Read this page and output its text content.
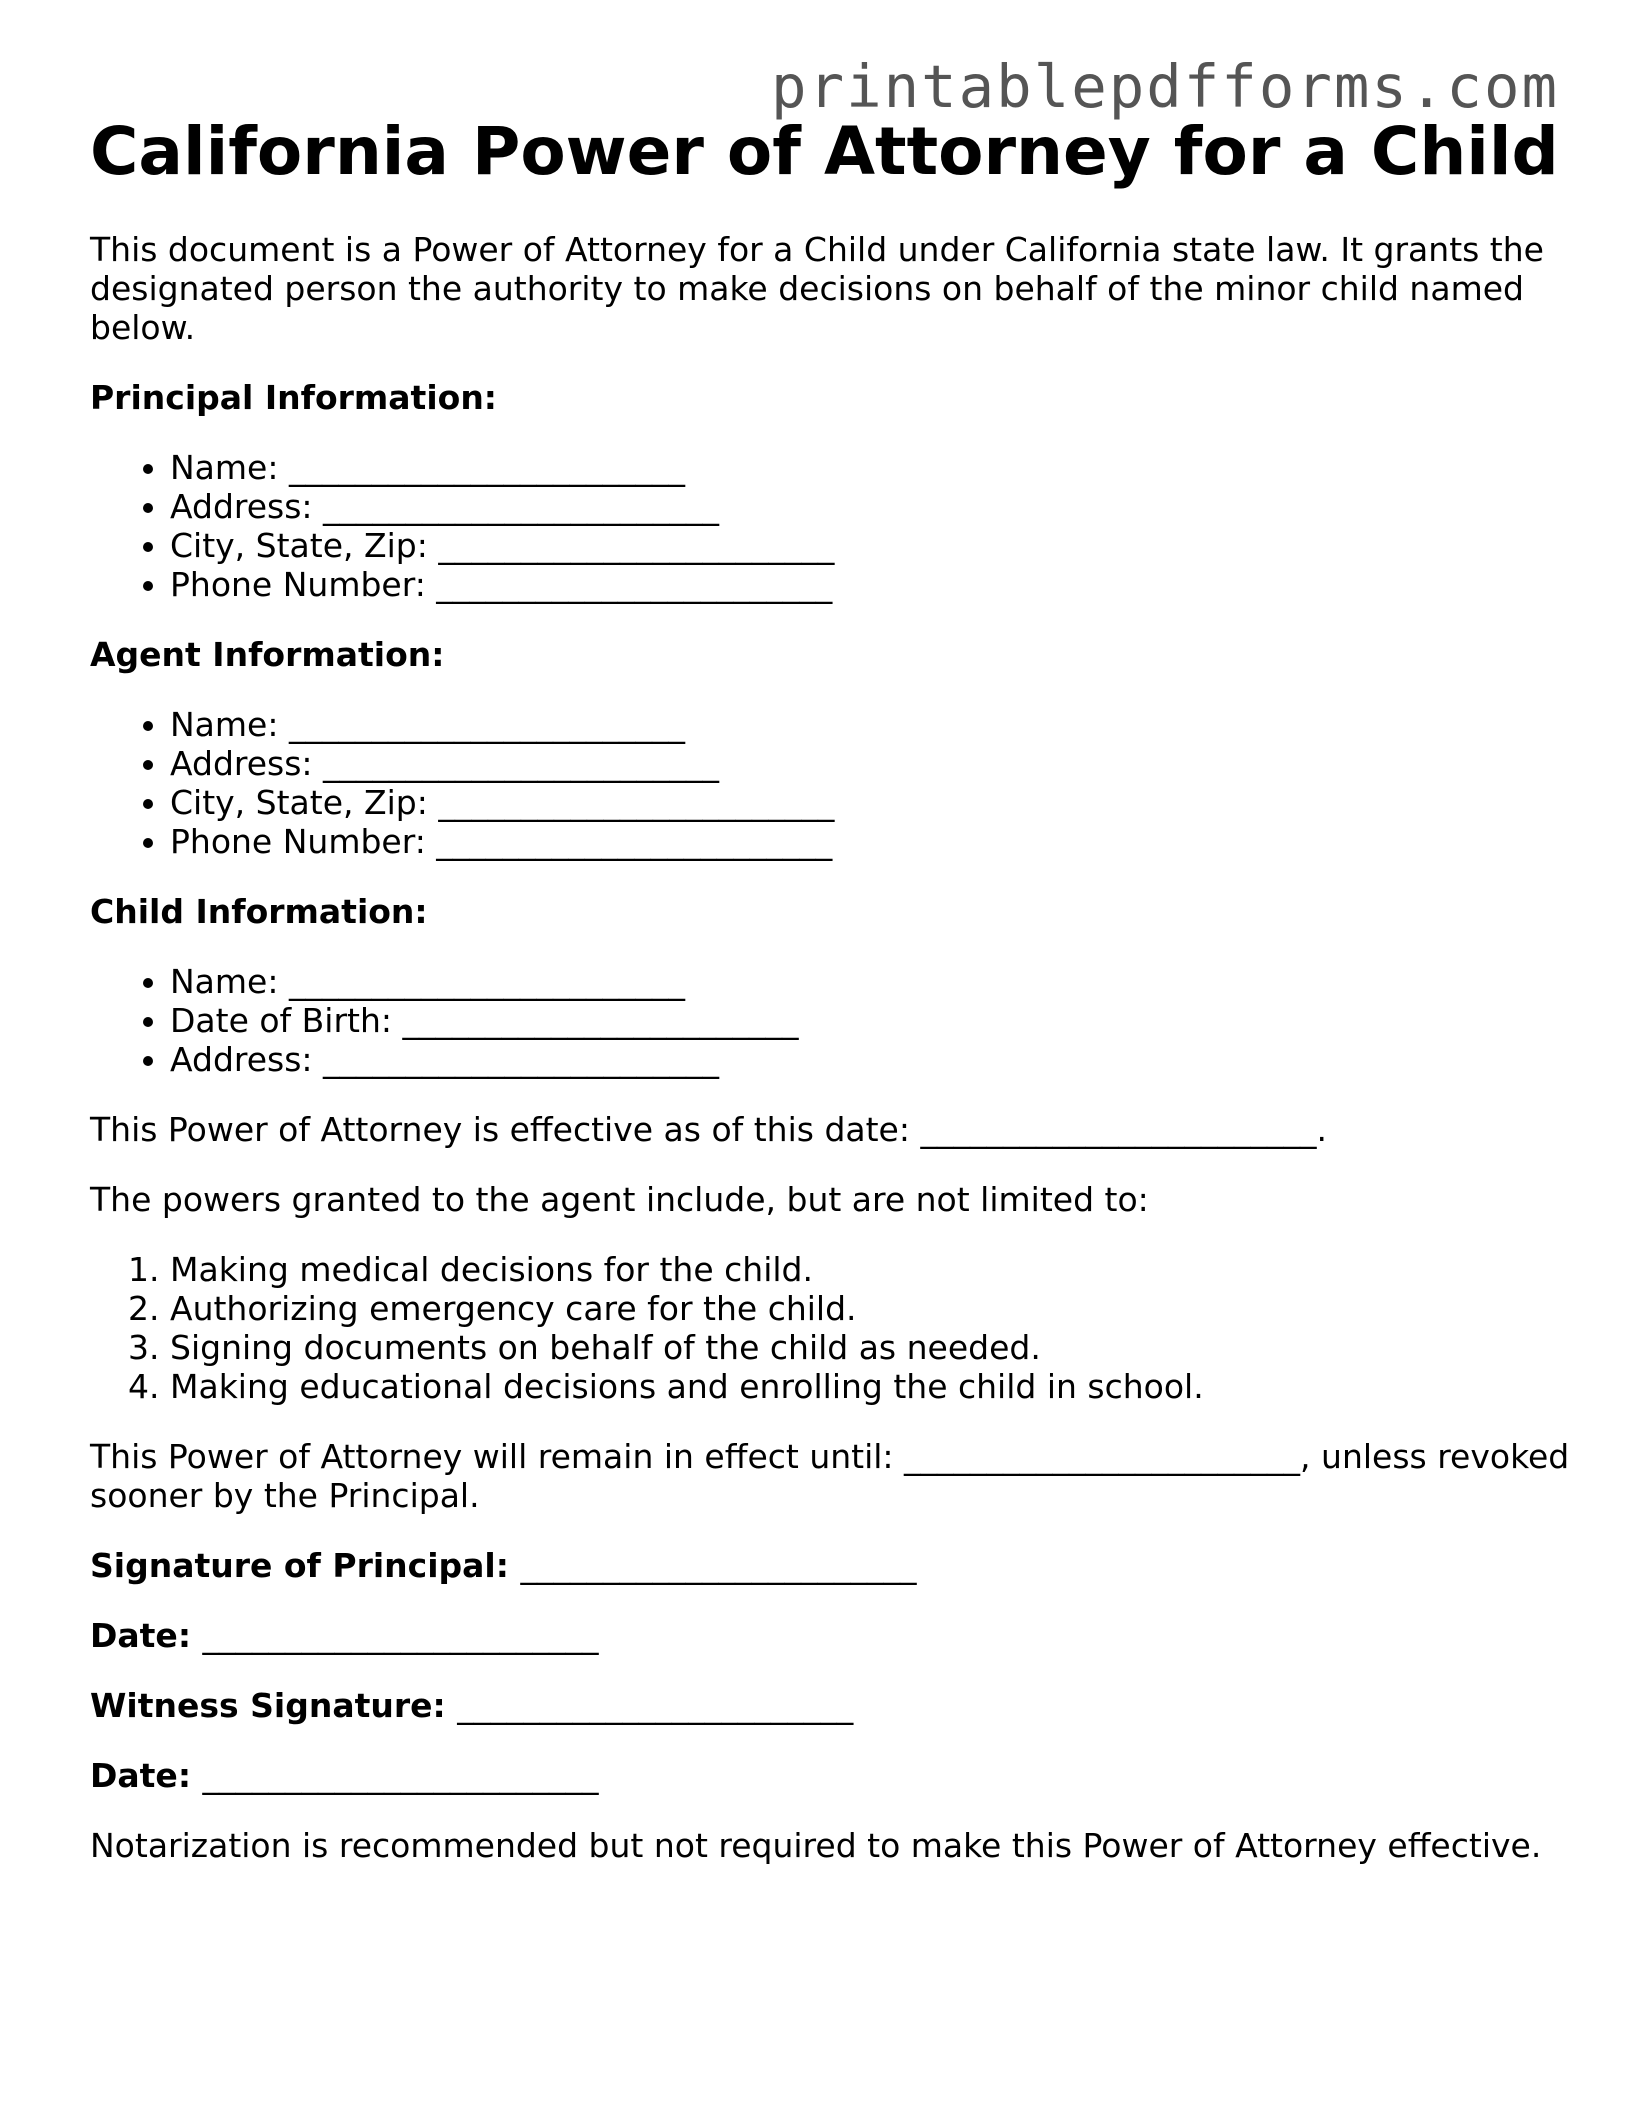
printablepdfforms.com
California Power of Attorney for a Child

This document is a Power of Attorney for a Child under California state law. It grants the designated person the authority to make decisions on behalf of the minor child named below.

Principal Information:

• Name: ________________________
• Address: ________________________
• City, State, Zip: ________________________
• Phone Number: ________________________

Agent Information:

• Name: ________________________
• Address: ________________________
• City, State, Zip: ________________________
• Phone Number: ________________________

Child Information:

• Name: ________________________
• Date of Birth: ________________________
• Address: ________________________

This Power of Attorney is effective as of this date: ________________________.

The powers granted to the agent include, but are not limited to:

1. Making medical decisions for the child.
2. Authorizing emergency care for the child.
3. Signing documents on behalf of the child as needed.
4. Making educational decisions and enrolling the child in school.

This Power of Attorney will remain in effect until: ________________________, unless revoked sooner by the Principal.

Signature of Principal: ________________________

Date: ________________________

Witness Signature: ________________________

Date: ________________________

Notarization is recommended but not required to make this Power of Attorney effective.
